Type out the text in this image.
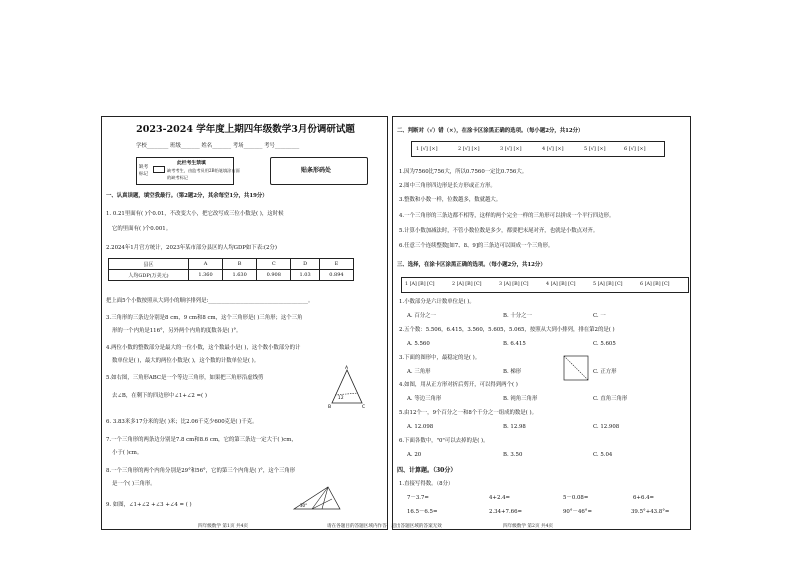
2023-2024 学年度上期四年级数学3月份调研试题
学校________ 班级_______ 姓名_______ 考场_______ 考号_________
缺考
标记
此栏考生禁填
缺考考生，由监考员用2B铅笔填涂右面
的缺考标记
贴条形码处
一、认真读题，填空我最行。（第2题2分，其余每空1分，共19分）
1. 0.21里面有( )个0.01，不改变大小，把它改写成三位小数是( )，这时候
它的里面有( )个0.001。
2.2024年1月官方统计，2023年某市部分县区的人均GDP如下表:(2分)
县区	A	B	C	D	E
人均GDP(万美元)	1.360	1.630	0.908	1.03	0.894
把上面5个小数按照从大到小的顺序排列是:_____________________________________。
3.三角形的三条边分别是8 cm，9 cm和8 cm，这个三角形是( )三角形；这个三角
形的一个内角是116°，另外两个内角的度数各是( )°。
4.两位小数的整数部分是最大的一位小数，这个数最小是( )，这个数小数部分的计
数单位是( )，最大的两位小数是( )，这个数的计数单位是( )。
5.如右图，三角形ABC是一个等边三角形，如果把三角形沿虚线剪
去∠B，在剩下的四边形中∠1+∠2 =( )
A
B	C
1 2
6. 3.83米多17分米的是( )米；比2.06千克少600克是( )千克。
7.一个三角形的两条边分别是7.8 cm和8.6 cm，它的第三条边一定大于( )cm，
小于( )cm。
8.一个三角形的两个内角分别是29°和56°，它的第三个内角是( )°，这个三角形
是一个( )三角形。
9. 如图，∠1+∠2 +∠3 +∠4 = ( )	30°
四年级数学 第1页 共4页
二、判断对（√）错（×），在涂卡区涂黑正确的选项。（每小题2分，共12分）
1 [√] [×]	2 [√] [×]	3 [√] [×]	4 [√] [×]	5 [√] [×]	6 [√] [×]
1.因为7560比756大，所以0.7560一定比0.756大。
2.图中三角形四边形是长方形或正方形。
3.整数和小数一样，位数越多，数就越大。
4.一个三角形的三条边都不相等，这样的两个完全一样的三角形可以拼成一个平行四边形。
5.计算小数加减法时，不管小数位数是多少，都要把末尾对齐，也就是小数点对齐。
6.任意三个连续整数[如7、8、9]的三条边可以围成一个三角形。
三、选择，在涂卡区涂黑正确的选项。（每小题2分，共12分）
1 [A] [B] [C]	2 [A] [B] [C]	3 [A] [B] [C]	4 [A] [B] [C]	5 [A] [B] [C]	6 [A] [B] [C]
1.小数部分是六计数单位是( )。
A. 百分之一	B. 十分之一	C. 一
2.五个数：5.506，6.415，3.560，5.605，5.065，按照从大到小排列，排在第2的是( )
A. 5.560	B. 6.415	C. 5.605
3.下面的图形中，最稳定的是( )。
A. 三角形	B. 梯形	C. 正方形
4.如图，用从正方形对折后剪开，可以得到两个( )
A. 等边三角形	B. 钝角三角形	C. 直角三角形
5.由12个一，9个百分之一和8个千分之一组成的数是( )。
A. 12.098	B. 12.98	C. 12.908
6.下面各数中，"0"可以去掉的是( )。
A. 20	B. 3.50	C. 5.04
四、计算题。（30分）
1.直接写得数。（8分）
7－3.7=	4+2.4=	5－0.08=	6+6.4=
16.5－6.5=	2.34+7.66=	90°－46°=	39.5°+43.8°=
请在各题目的答题区域内作答，超出答题区域的答案无效	四年级数学 第2页 共4页
